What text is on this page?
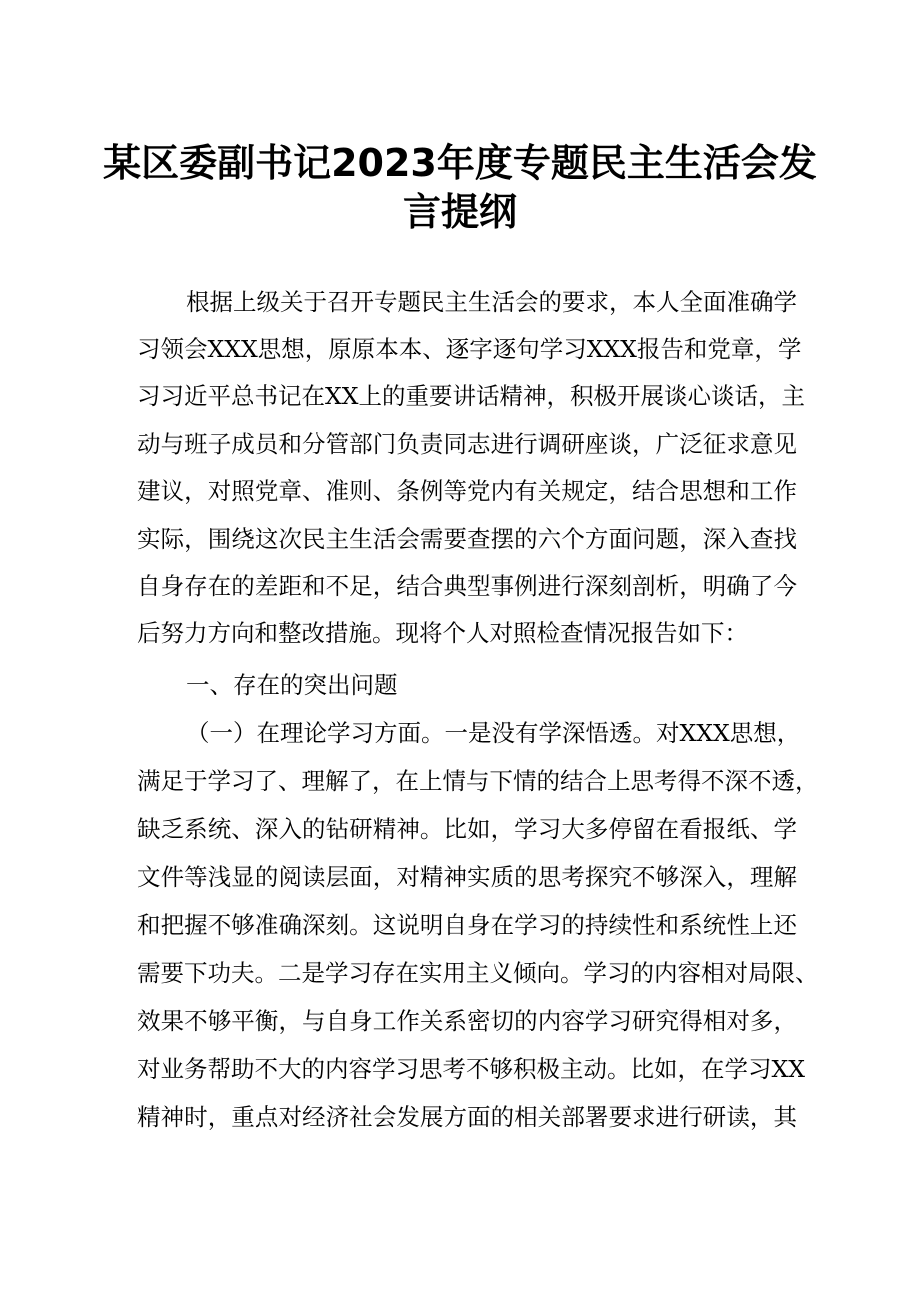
某区委副书记2023年度专题民主生活会发
言提纲
根据上级关于召开专题民主生活会的要求，本人全面准确学
习领会XXX思想，原原本本、逐字逐句学习XXX报告和党章，学
习习近平总书记在XX上的重要讲话精神，积极开展谈心谈话，主
动与班子成员和分管部门负责同志进行调研座谈，广泛征求意见
建议，对照党章、准则、条例等党内有关规定，结合思想和工作
实际，围绕这次民主生活会需要查摆的六个方面问题，深入查找
自身存在的差距和不足，结合典型事例进行深刻剖析，明确了今
后努力方向和整改措施。现将个人对照检查情况报告如下：
一、存在的突出问题
（一）在理论学习方面。一是没有学深悟透。对XXX思想，
满足于学习了、理解了，在上情与下情的结合上思考得不深不透，
缺乏系统、深入的钻研精神。比如，学习大多停留在看报纸、学
文件等浅显的阅读层面，对精神实质的思考探究不够深入，理解
和把握不够准确深刻。这说明自身在学习的持续性和系统性上还
需要下功夫。二是学习存在实用主义倾向。学习的内容相对局限、
效果不够平衡，与自身工作关系密切的内容学习研究得相对多，
对业务帮助不大的内容学习思考不够积极主动。比如，在学习XX
精神时，重点对经济社会发展方面的相关部署要求进行研读，其
